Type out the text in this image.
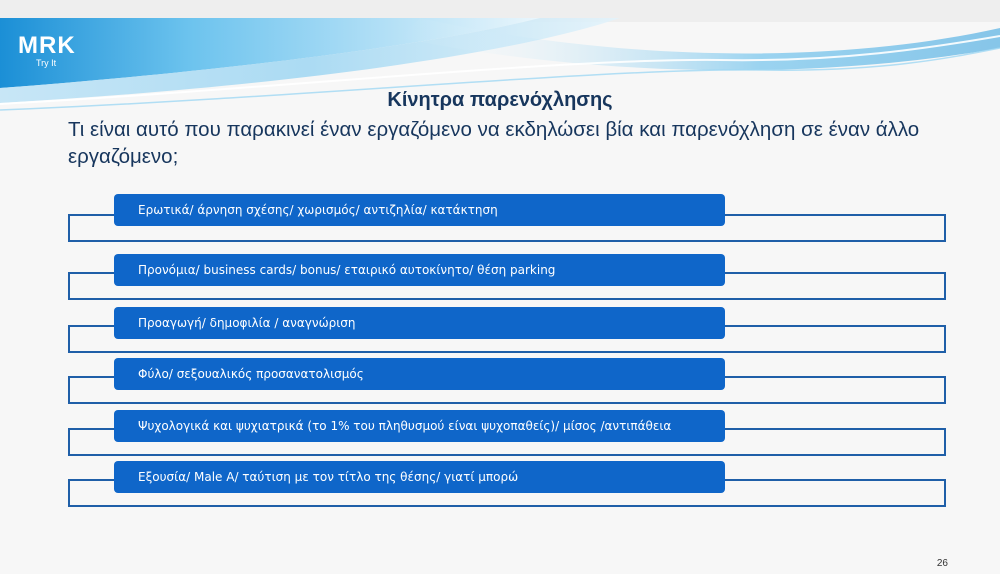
MRK
Try It
Κίνητρα παρενόχλησης
Τι είναι αυτό που παρακινεί έναν εργαζόμενο να εκδηλώσει βία και παρενόχληση σε έναν άλλο εργαζόμενο;
Ερωτικά/ άρνηση σχέσης/ χωρισμός/ αντιζηλία/ κατάκτηση
Προνόμια/ business cards/ bonus/ εταιρικό αυτοκίνητο/ θέση parking
Προαγωγή/ δημοφιλία / αναγνώριση
Φύλο/ σεξουαλικός προσανατολισμός
Ψυχολογικά και ψυχιατρικά (το 1% του πληθυσμού είναι ψυχοπαθείς)/ μίσος /αντιπάθεια
Εξουσία/ Male A/ ταύτιση με τον τίτλο της θέσης/ γιατί μπορώ
26
